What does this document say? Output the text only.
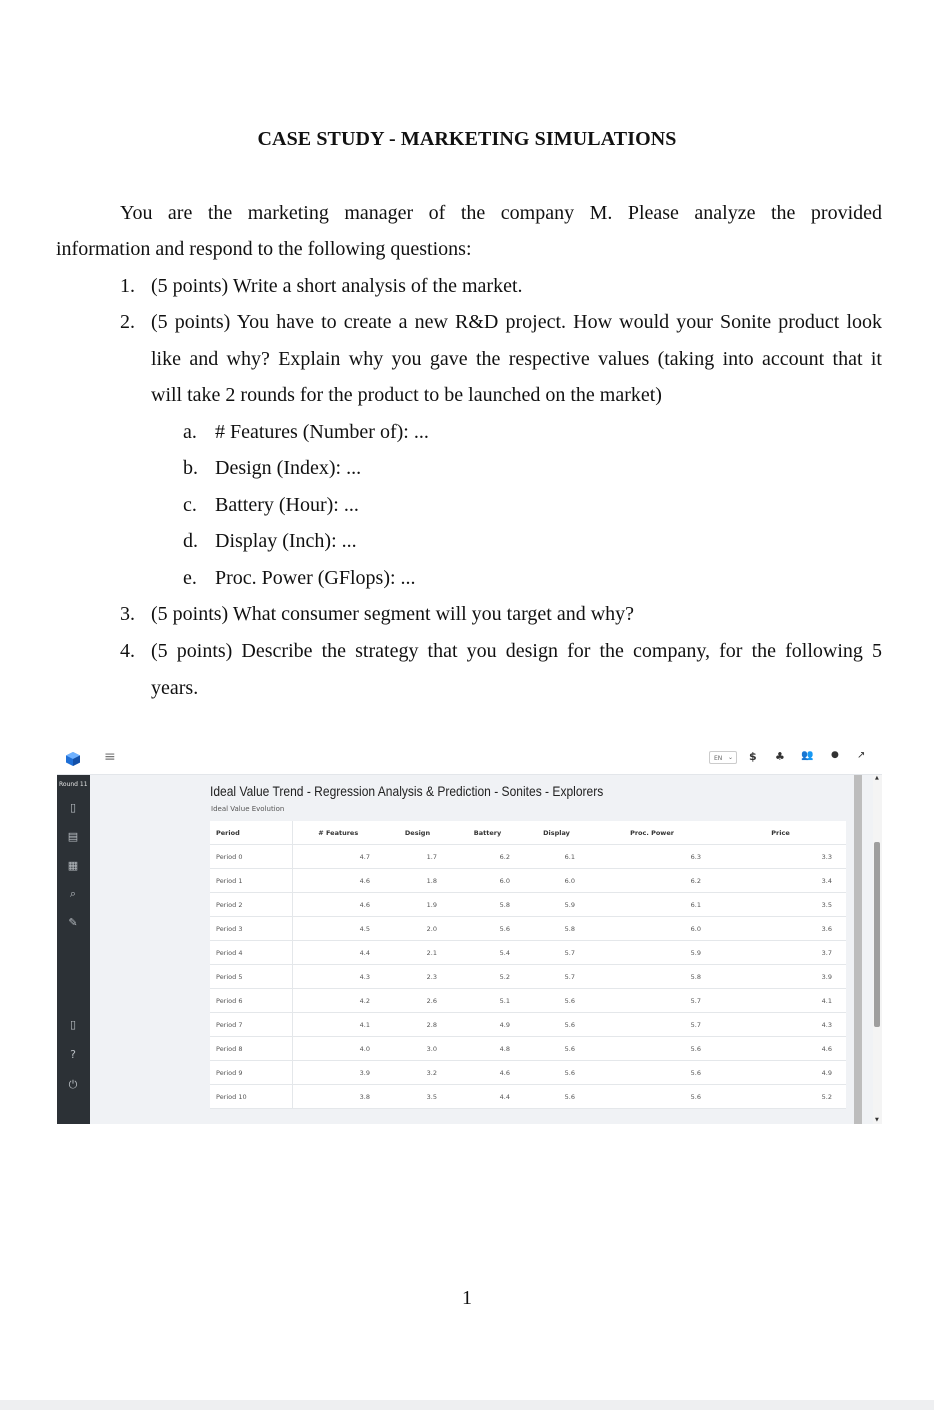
CASE STUDY - MARKETING SIMULATIONS
You are the marketing manager of the company M. Please analyze the provided
information and respond to the following questions:
1. (5 points) Write a short analysis of the market.
2. (5 points) You have to create a new R&D project. How would your Sonite product look
like and why? Explain why you gave the respective values (taking into account that it
will take 2 rounds for the product to be launched on the market)
a. # Features (Number of): ...
b. Design (Index): ...
c. Battery (Hour): ...
d. Display (Inch): ...
e. Proc. Power (GFlops): ...
3. (5 points) What consumer segment will you target and why?
4. (5 points) Describe the strategy that you design for the company, for the following 5
years.
≡	EN ⌄ $ ♣ 👥 ● ↗
Round 11
▯
▤
▦
⌕
✎
▯
?
⏻
Ideal Value Trend - Regression Analysis & Prediction - Sonites - Explorers
Ideal Value Evolution
Period	# Features	Design	Battery	Display	Proc. Power	Price
Period 0	4.7	1.7	6.2	6.1	6.3	3.3
Period 1	4.6	1.8	6.0	6.0	6.2	3.4
Period 2	4.6	1.9	5.8	5.9	6.1	3.5
Period 3	4.5	2.0	5.6	5.8	6.0	3.6
Period 4	4.4	2.1	5.4	5.7	5.9	3.7
Period 5	4.3	2.3	5.2	5.7	5.8	3.9
Period 6	4.2	2.6	5.1	5.6	5.7	4.1
Period 7	4.1	2.8	4.9	5.6	5.7	4.3
Period 8	4.0	3.0	4.8	5.6	5.6	4.6
Period 9	3.9	3.2	4.6	5.6	5.6	4.9
Period 10	3.8	3.5	4.4	5.6	5.6	5.2
▲
▼
1
